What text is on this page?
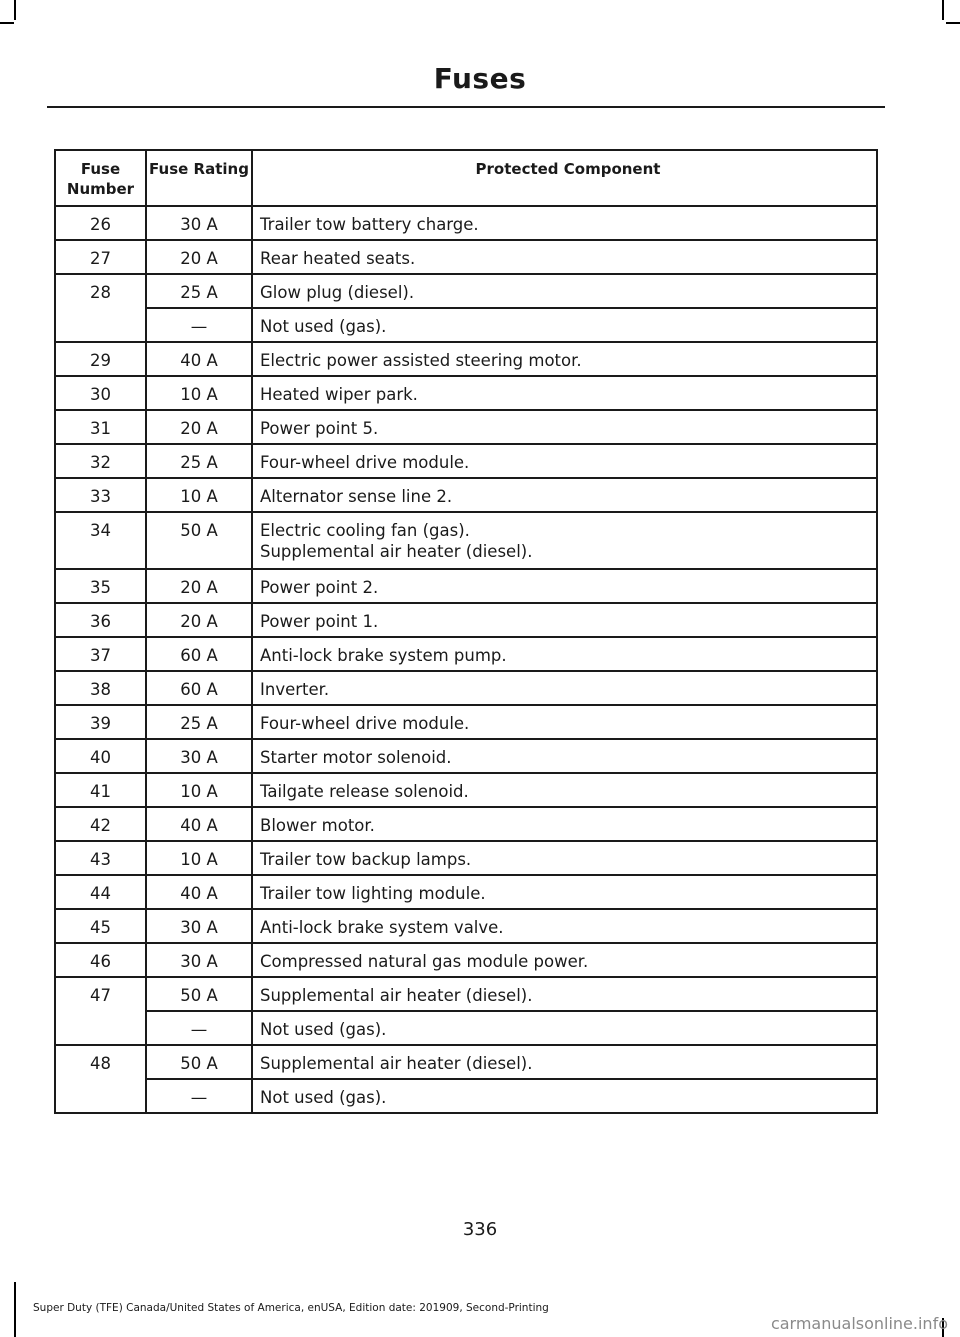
Fuses
Fuse Number	Fuse Rating	Protected Component
26	30 A	Trailer tow battery charge.

27	20 A	Rear heated seats.

28	25 A	Glow plug (diesel).

	—	Not used (gas).

29	40 A	Electric power assisted steering motor.

30	10 A	Heated wiper park.

31	20 A	Power point 5.

32	25 A	Four-wheel drive module.

33	10 A	Alternator sense line 2.

34	50 A	Electric cooling fan (gas).
Supplemental air heater (diesel).

35	20 A	Power point 2.

36	20 A	Power point 1.

37	60 A	Anti-lock brake system pump.

38	60 A	Inverter.

39	25 A	Four-wheel drive module.

40	30 A	Starter motor solenoid.

41	10 A	Tailgate release solenoid.

42	40 A	Blower motor.

43	10 A	Trailer tow backup lamps.

44	40 A	Trailer tow lighting module.

45	30 A	Anti-lock brake system valve.

46	30 A	Compressed natural gas module power.

47	50 A	Supplemental air heater (diesel).

	—	Not used (gas).

48	50 A	Supplemental air heater (diesel).

	—	Not used (gas).
336
Super Duty (TFE) Canada/United States of America, enUSA, Edition date: 201909, Second-Printing
carmanualsonline.info
